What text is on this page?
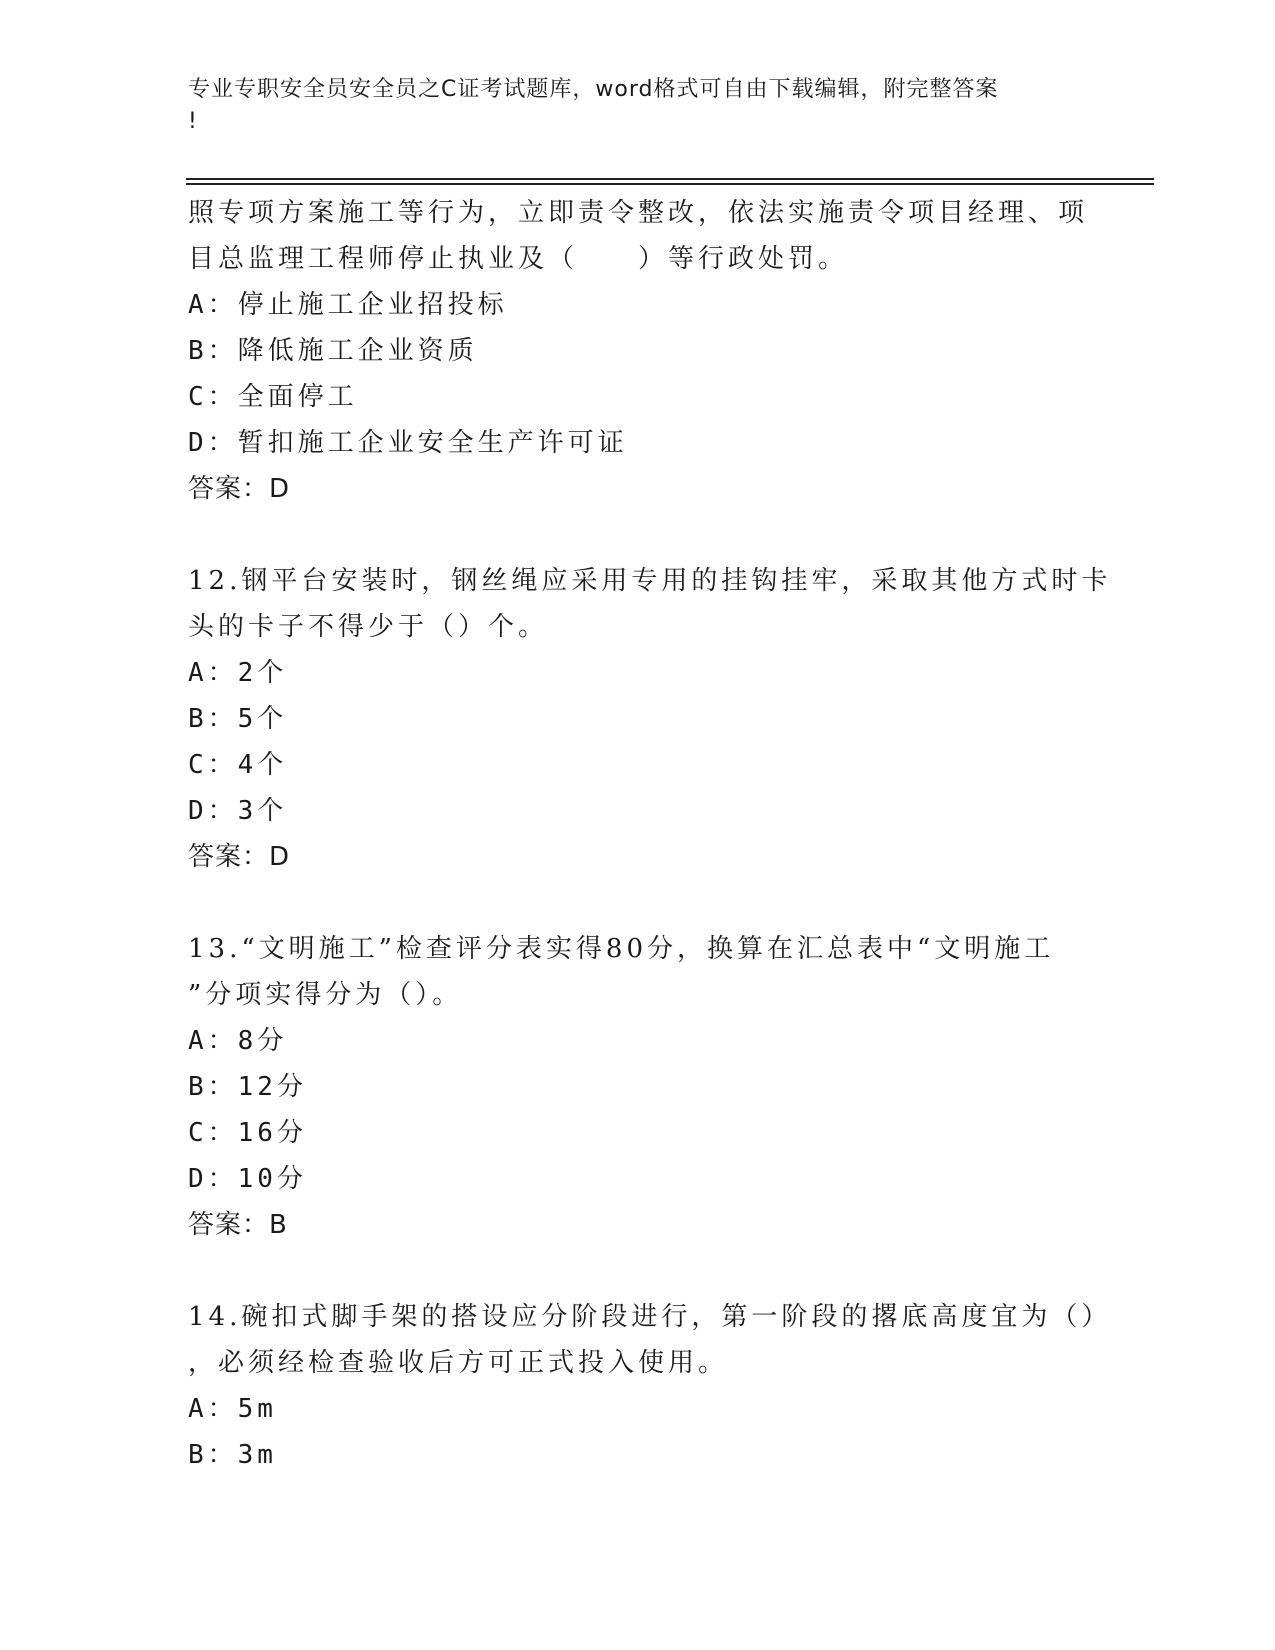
专业专职安全员安全员之C证考试题库，word格式可自由下载编辑，附完整答案
!
照专项方案施工等行为，立即责令整改，依法实施责令项目经理、项
目总监理工程师停止执业及（　　）等行政处罚。
A：停止施工企业招投标
B：降低施工企业资质
C：全面停工
D：暂扣施工企业安全生产许可证
答案：D
12.钢平台安装时，钢丝绳应采用专用的挂钩挂牢，采取其他方式时卡
头的卡子不得少于（）个。
A：2个
B：5个
C：4个
D：3个
答案：D
13.“文明施工”检查评分表实得80分，换算在汇总表中“文明施工
”分项实得分为（）。
A：8分
B：12分
C：16分
D：10分
答案：B
14.碗扣式脚手架的搭设应分阶段进行，第一阶段的撂底高度宜为（）
，必须经检查验收后方可正式投入使用。
A：5m
B：3m
